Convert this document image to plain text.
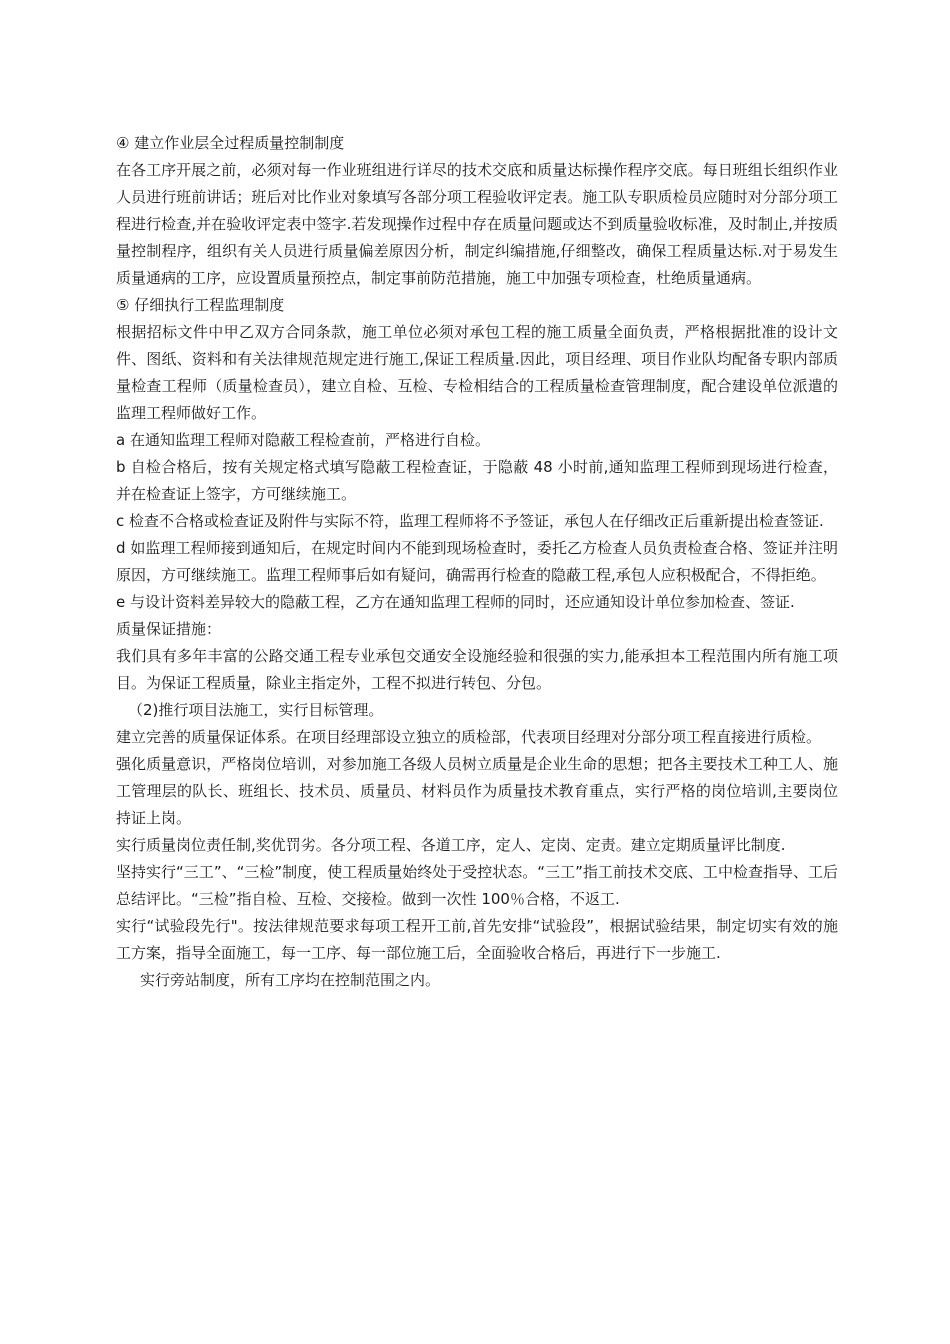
④ 建立作业层全过程质量控制制度

在各工序开展之前，必须对每一作业班组进行详尽的技术交底和质量达标操作程序交底。每日班组长组织作业人员进行班前讲话；班后对比作业对象填写各部分项工程验收评定表。施工队专职质检员应随时对分部分项工程进行检查,并在验收评定表中签字.若发现操作过程中存在质量问题或达不到质量验收标准，及时制止,并按质量控制程序，组织有关人员进行质量偏差原因分析，制定纠编措施,仔细整改，确保工程质量达标.对于易发生质量通病的工序，应设置质量预控点，制定事前防范措施，施工中加强专项检查，杜绝质量通病。

⑤ 仔细执行工程监理制度

根据招标文件中甲乙双方合同条款，施工单位必须对承包工程的施工质量全面负责，严格根据批准的设计文件、图纸、资料和有关法律规范规定进行施工,保证工程质量.因此，项目经理、项目作业队均配备专职内部质量检查工程师（质量检查员），建立自检、互检、专检相结合的工程质量检查管理制度，配合建设单位派遣的监理工程师做好工作。

a 在通知监理工程师对隐蔽工程检查前，严格进行自检。

b 自检合格后，按有关规定格式填写隐蔽工程检查证，于隐蔽 48 小时前,通知监理工程师到现场进行检查，并在检查证上签字，方可继续施工。

c 检查不合格或检查证及附件与实际不符，监理工程师将不予签证，承包人在仔细改正后重新提出检查签证.

d 如监理工程师接到通知后，在规定时间内不能到现场检查时，委托乙方检查人员负责检查合格、签证并注明原因，方可继续施工。监理工程师事后如有疑问，确需再行检查的隐蔽工程,承包人应积极配合，不得拒绝。

e 与设计资料差异较大的隐蔽工程，乙方在通知监理工程师的同时，还应通知设计单位参加检查、签证.

质量保证措施：

我们具有多年丰富的公路交通工程专业承包交通安全设施经验和很强的实力,能承担本工程范围内所有施工项目。为保证工程质量，除业主指定外，工程不拟进行转包、分包。

（2)推行项目法施工，实行目标管理。

建立完善的质量保证体系。在项目经理部设立独立的质检部，代表项目经理对分部分项工程直接进行质检。

强化质量意识，严格岗位培训，对参加施工各级人员树立质量是企业生命的思想；把各主要技术工种工人、施工管理层的队长、班组长、技术员、质量员、材料员作为质量技术教育重点，实行严格的岗位培训,主要岗位持证上岗。

实行质量岗位责任制,奖优罚劣。各分项工程、各道工序，定人、定岗、定责。建立定期质量评比制度.

坚持实行“三工”、“三检”制度，使工程质量始终处于受控状态。“三工”指工前技术交底、工中检查指导、工后总结评比。“三检”指自检、互检、交接检。做到一次性 100％合格，不返工.

实行“试验段先行"。按法律规范要求每项工程开工前,首先安排“试验段”，根据试验结果，制定切实有效的施工方案，指导全面施工，每一工序、每一部位施工后，全面验收合格后，再进行下一步施工.

实行旁站制度，所有工序均在控制范围之内。
